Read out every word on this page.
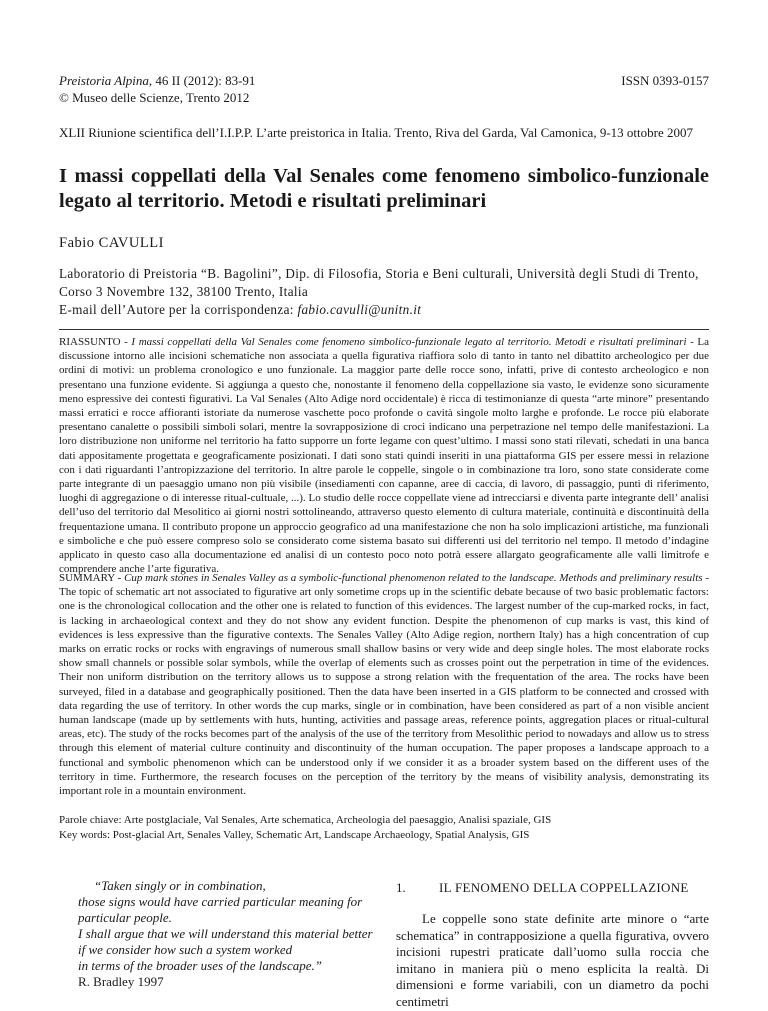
Preistoria Alpina, 46 II (2012): 83-91
© Museo delle Scienze, Trento 2012
ISSN 0393-0157
XLII Riunione scientifica dell’I.I.P.P. L’arte preistorica in Italia. Trento, Riva del Garda, Val Camonica, 9-13 ottobre 2007
I massi coppellati della Val Senales come fenomeno simbolico-funzionale legato al territorio. Metodi e risultati preliminari
Fabio CAVULLI
Laboratorio di Preistoria “B. Bagolini”, Dip. di Filosofia, Storia e Beni culturali, Università degli Studi di Trento,
Corso 3 Novembre 132, 38100 Trento, Italia
E-mail dell’Autore per la corrispondenza: fabio.cavulli@unitn.it
RIASSUNTO - I massi coppellati della Val Senales come fenomeno simbolico-funzionale legato al territorio. Metodi e risultati preliminari - La discussione intorno alle incisioni schematiche non associata a quella figurativa riaffiora solo di tanto in tanto nel dibattito archeologico per due ordini di motivi: un problema cronologico e uno funzionale. La maggior parte delle rocce sono, infatti, prive di contesto archeologico e non presentano una funzione evidente. Si aggiunga a questo che, nonostante il fenomeno della coppellazione sia vasto, le evidenze sono sicuramente meno espressive dei contesti figurativi. La Val Senales (Alto Adige nord occidentale) è ricca di testimonianze di questa “arte minore” presentando massi erratici e rocce affioranti istoriate da numerose vaschette poco profonde o cavità singole molto larghe e profonde. Le rocce più elaborate presentano canalette o possibili simboli solari, mentre la sovrapposizione di croci indicano una perpetrazione nel tempo delle manifestazioni. La loro distribuzione non uniforme nel territorio ha fatto supporre un forte legame con quest’ultimo. I massi sono stati rilevati, schedati in una banca dati appositamente progettata e geograficamente posizionati. I dati sono stati quindi inseriti in una piattaforma GIS per essere messi in relazione con i dati riguardanti l’antropizzazione del territorio. In altre parole le coppelle, singole o in combinazione tra loro, sono state considerate come parte integrante di un paesaggio umano non più visibile (insediamenti con capanne, aree di caccia, di lavoro, di passaggio, punti di riferimento, luoghi di aggregazione o di interesse ritual-cultuale, ...). Lo studio delle rocce coppellate viene ad intrecciarsi e diventa parte integrante dell’ analisi dell’uso del territorio dal Mesolitico ai giorni nostri sottolineando, attraverso questo elemento di cultura materiale, continuità e discontinuità della frequentazione umana. Il contributo propone un approccio geografico ad una manifestazione che non ha solo implicazioni artistiche, ma funzionali e simboliche e che può essere compreso solo se considerato come sistema basato sui differenti usi del territorio nel tempo. Il metodo d’indagine applicato in questo caso alla documentazione ed analisi di un contesto poco noto potrà essere allargato geograficamente alle valli limitrofe e comprendere anche l’arte figurativa.
SUMMARY - Cup mark stones in Senales Valley as a symbolic-functional phenomenon related to the landscape. Methods and preliminary results - The topic of schematic art not associated to figurative art only sometime crops up in the scientific debate because of two basic problematic factors: one is the chronological collocation and the other one is related to function of this evidences. The largest number of the cup-marked rocks, in fact, is lacking in archaeological context and they do not show any evident function. Despite the phenomenon of cup marks is vast, this kind of evidences is less expressive than the figurative contexts. The Senales Valley (Alto Adige region, northern Italy) has a high concentration of cup marks on erratic rocks or rocks with engravings of numerous small shallow basins or very wide and deep single holes. The most elaborate rocks show small channels or possible solar symbols, while the overlap of elements such as crosses point out the perpetration in time of the evidences. Their non uniform distribution on the territory allows us to suppose a strong relation with the frequentation of the area. The rocks have been surveyed, filed in a database and geographically positioned. Then the data have been inserted in a GIS platform to be connected and crossed with data regarding the use of territory. In other words the cup marks, single or in combination, have been considered as part of a non visible ancient human landscape (made up by settlements with huts, hunting, activities and passage areas, reference points, aggregation places or ritual-cultural areas, etc). The study of the rocks becomes part of the analysis of the use of the territory from Mesolithic period to nowadays and allow us to stress through this element of material culture continuity and discontinuity of the human occupation. The paper proposes a landscape approach to a functional and symbolic phenomenon which can be understood only if we consider it as a broader system based on the different uses of the territory in time. Furthermore, the research focuses on the perception of the territory by the means of visibility analysis, demonstrating its important role in a mountain environment.
Parole chiave: Arte postglaciale, Val Senales, Arte schematica, Archeologia del paesaggio, Analisi spaziale, GIS
Key words: Post-glacial Art, Senales Valley, Schematic Art, Landscape Archaeology, Spatial Analysis, GIS

“Taken singly or in combination,

those signs would have carried particular meaning for

particular people.

I shall argue that we will understand this material better

if we consider how such a system worked

in terms of the broader uses of the landscape.”

R. Bradley 1997

1.	IL FENOMENO DELLA COPPELLAZIONE
Le coppelle sono state definite arte minore o “arte schematica” in contrapposizione a quella figurativa, ovvero incisioni rupestri praticate dall’uomo sulla roccia che imitano in maniera più o meno esplicita la realtà. Di dimensioni e forme variabili, con un diametro da pochi centimetri
